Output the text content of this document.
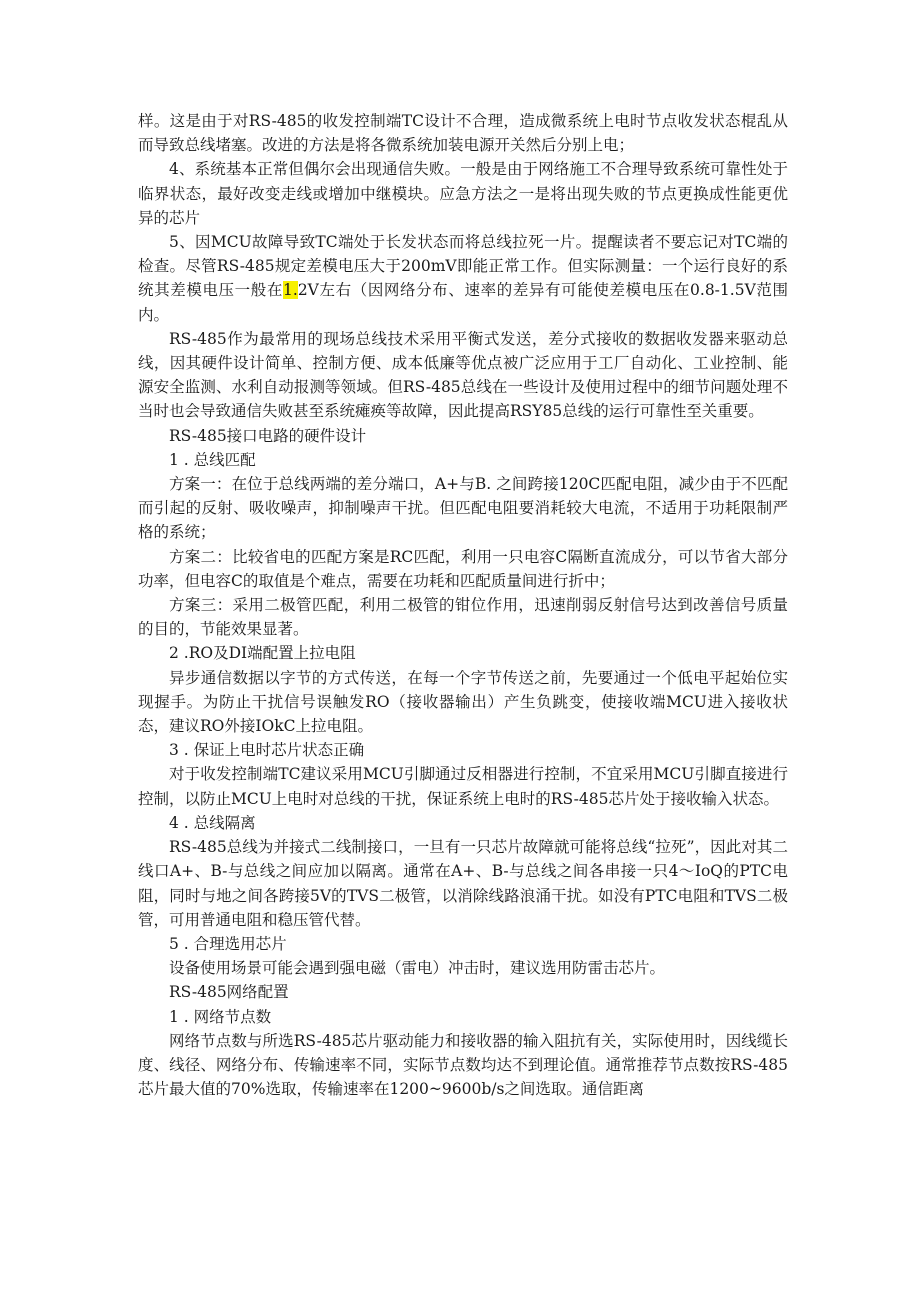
样。这是由于对RS-485的收发控制端TC设计不合理，造成微系统上电时节点收发状态棍乱从而导致总线堵塞。改进的方法是将各微系统加装电源开关然后分别上电；

4、系统基本正常但偶尔会出现通信失败。一般是由于网络施工不合理导致系统可靠性处于临界状态，最好改变走线或增加中继模块。应急方法之一是将出现失败的节点更换成性能更优异的芯片

5、因MCU故障导致TC端处于长发状态而将总线拉死一片。提醒读者不要忘记对TC端的检查。尽管RS-485规定差模电压大于200mV即能正常工作。但实际测量：一个运行良好的系统其差模电压一般在1.2V左右（因网络分布、速率的差异有可能使差模电压在0.8-1.5V范围内。

RS-485作为最常用的现场总线技术采用平衡式发送，差分式接收的数据收发器来驱动总线，因其硬件设计简单、控制方便、成本低廉等优点被广泛应用于工厂自动化、工业控制、能源安全监测、水利自动报测等领域。但RS-485总线在一些设计及使用过程中的细节问题处理不当时也会导致通信失败甚至系统瘫痪等故障，因此提高RSY85总线的运行可靠性至关重要。

RS-485接口电路的硬件设计

1 . 总线匹配

方案一：在位于总线两端的差分端口，A+与B. 之间跨接120C匹配电阻，减少由于不匹配而引起的反射、吸收噪声，抑制噪声干扰。但匹配电阻要消耗较大电流，不适用于功耗限制严格的系统；

方案二：比较省电的匹配方案是RC匹配，利用一只电容C隔断直流成分，可以节省大部分功率，但电容C的取值是个难点，需要在功耗和匹配质量间进行折中；

方案三：采用二极管匹配，利用二极管的钳位作用，迅速削弱反射信号达到改善信号质量的目的，节能效果显著。

2 .RO及DI端配置上拉电阻

异步通信数据以字节的方式传送，在每一个字节传送之前，先要通过一个低电平起始位实现握手。为防止干扰信号误触发RO（接收器输出）产生负跳变，使接收端MCU进入接收状态，建议RO外接IOkC上拉电阻。

3 . 保证上电时芯片状态正确

对于收发控制端TC建议采用MCU引脚通过反相器进行控制，不宜采用MCU引脚直接进行控制，以防止MCU上电时对总线的干扰，保证系统上电时的RS-485芯片处于接收输入状态。

4 . 总线隔离

RS-485总线为并接式二线制接口，一旦有一只芯片故障就可能将总线“拉死”，因此对其二线口A+、B-与总线之间应加以隔离。通常在A+、B-与总线之间各串接一只4～IoQ的PTC电阻，同时与地之间各跨接5V的TVS二极管，以消除线路浪涌干扰。如没有PTC电阻和TVS二极管，可用普通电阻和稳压管代替。

5 . 合理选用芯片

设备使用场景可能会遇到强电磁（雷电）冲击时，建议选用防雷击芯片。

RS-485网络配置

1 . 网络节点数

网络节点数与所选RS-485芯片驱动能力和接收器的输入阻抗有关，实际使用时，因线缆长度、线径、网络分布、传输速率不同，实际节点数均达不到理论值。通常推荐节点数按RS-485芯片最大值的70%选取，传输速率在1200~9600b/s之间选取。通信距离
